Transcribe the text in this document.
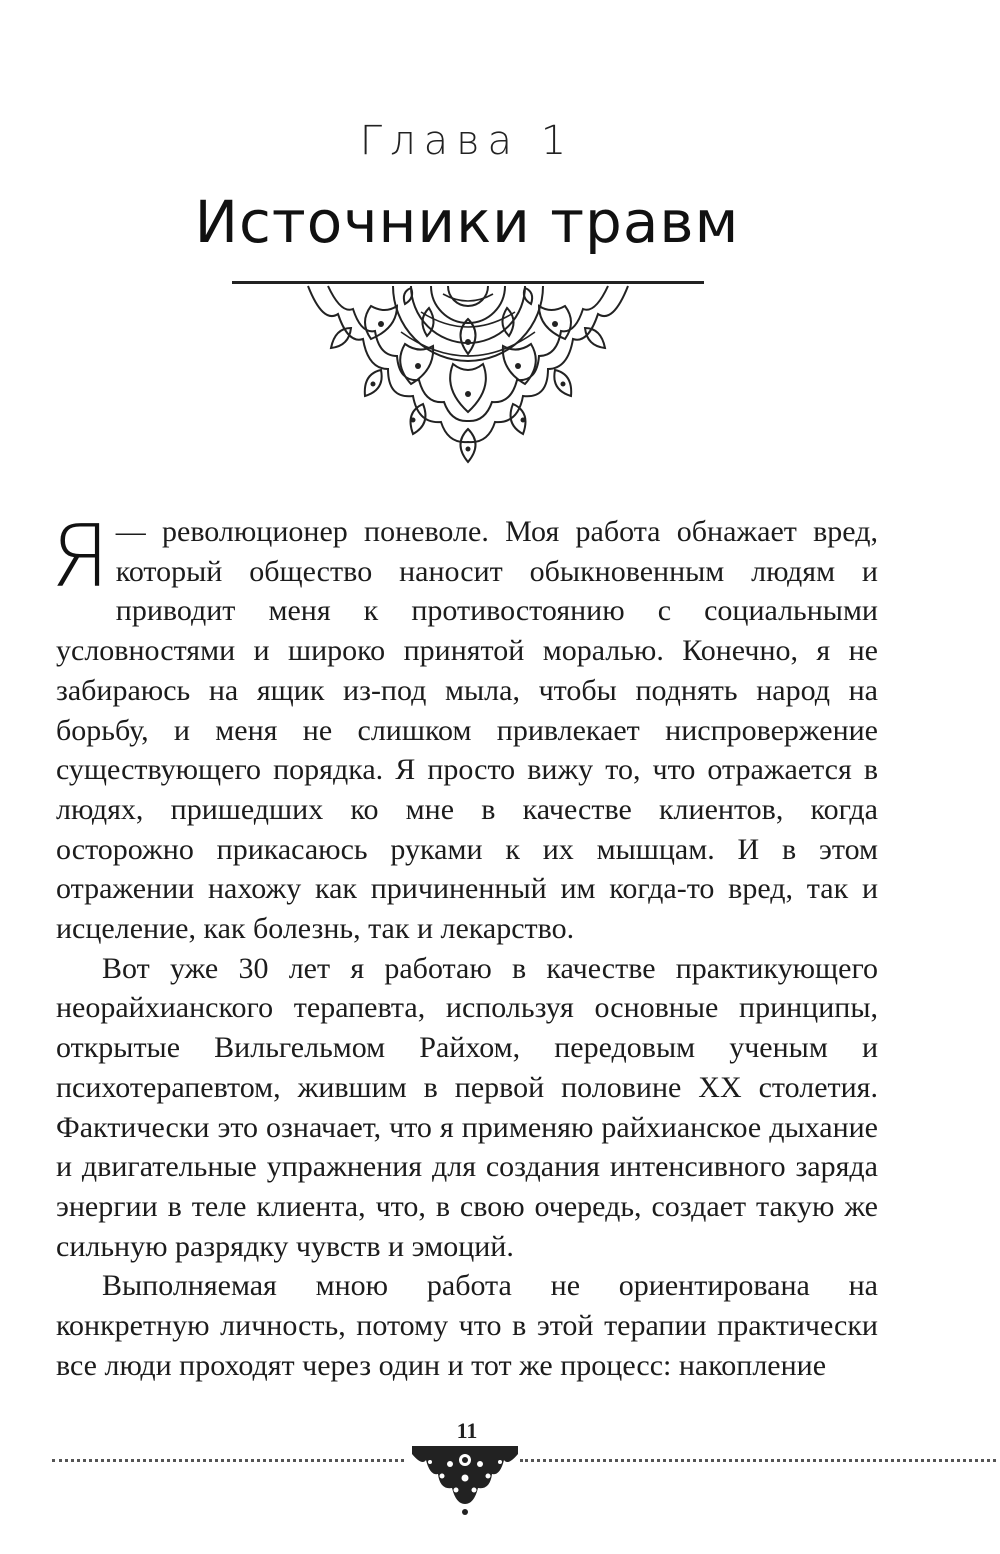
Глава 1
Источники травм

Я — революционер поневоле. Моя работа обнажает вред, который обществo наносит обыкновенным людям и приводит меня к противостоянию с социальными условностями и широко принятой моралью. Конечно, я не забираюсь на ящик из-под мыла, чтобы поднять народ на борьбу, и меня не слишком привлекает ниспровержение существующего порядка. Я просто вижу то, что отражается в людях, пришедших ко мне в качестве клиентов, когда осторожно прикасаюсь руками к их мышцам. И в этом отражении нахожу как причиненный им когда-то вред, так и исцеление, как болезнь, так и лекарство.

Вот уже 30 лет я работаю в качестве практикующего неорайхианского терапевта, используя основные принципы, открытые Вильгельмом Райхом, передовым ученым и психотерапевтом, жившим в первой половине XX столетия. Фактически это означает, что я применяю райхианское дыхание и двигательные упражнения для создания интенсивного заряда энергии в теле клиента, что, в свою очередь, создает такую же сильную разрядку чувств и эмоций.

Выполняемая мною работа не ориентирована на конкретную личность, потому что в этой терапии практически все люди проходят через один и тот же процесс: накопление

11
